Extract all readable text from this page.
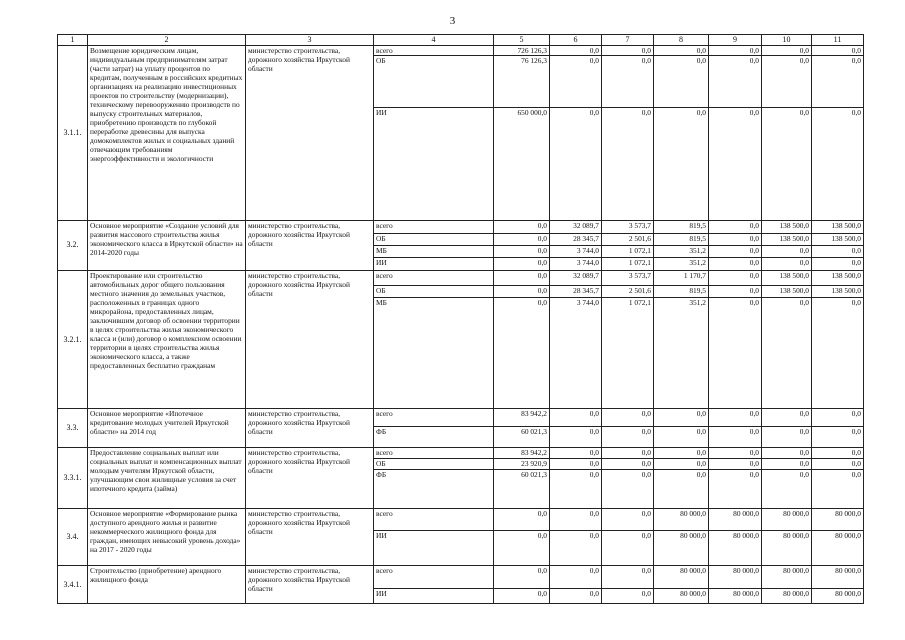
3
1	2	3	4	5	6	7	8	9	10	11
3.1.1.	Возмещение юридическим лицам, индивидуальным предпринимателям затрат (части затрат) на уплату процентов по кредитам, полученным в российских кредитных организациях на реализацию инвестиционных проектов по строительству (модернизации), техническому перевооружению производств по выпуску строительных материалов, приобретению производств по глубокой переработке древесины для выпуска домокомплектов жилых и социальных зданий отвечающим требованиям энергоэффективности и экологичности	министерство строительства, дорожного хозяйства Иркутской области	всего	726 126,3	0,0	0,0	0,0	0,0	0,0	0,0
			ОБ	76 126,3	0,0	0,0	0,0	0,0	0,0	0,0
			ИИ	650 000,0	0,0	0,0	0,0	0,0	0,0	0,0
3.2.	Основное мероприятие «Создание условий для развития массового строительства жилья экономического класса в Иркутской области» на 2014-2020 годы	министерство строительства, дорожного хозяйства Иркутской области	всего	0,0	32 089,7	3 573,7	819,5	0,0	138 500,0	138 500,0
			ОБ	0,0	28 345,7	2 501,6	819,5	0,0	138 500,0	138 500,0
			МБ	0,0	3 744,0	1 072,1	351,2	0,0	0,0	0,0
			ИИ	0,0	3 744,0	1 072,1	351,2	0,0	0,0	0,0
3.2.1.	Проектирование или строительство автомобильных дорог общего пользования местного значения до земельных участков, расположенных в границах одного микрорайона, предоставленных лицам, заключившим договор об освоении территории в целях строительства жилья экономического класса и (или) договор о комплексном освоении территории в целях строительства жилья экономического класса, а также предоставленных бесплатно гражданам	министерство строительства, дорожного хозяйства Иркутской области	всего	0,0	32 089,7	3 573,7	1 170,7	0,0	138 500,0	138 500,0
			ОБ	0,0	28 345,7	2 501,6	819,5	0,0	138 500,0	138 500,0
			МБ	0,0	3 744,0	1 072,1	351,2	0,0	0,0	0,0
3.3.	Основное мероприятие «Ипотечное кредитование молодых учителей Иркутской области» на 2014 год	министерство строительства, дорожного хозяйства Иркутской области	всего	83 942,2	0,0	0,0	0,0	0,0	0,0	0,0
			ФБ	60 021,3	0,0	0,0	0,0	0,0	0,0	0,0
3.3.1.	Предоставление социальных выплат или социальных выплат и компенсационных выплат молодым учителям Иркутской области, улучшающим свои жилищные условия за счет ипотечного кредита (займа)	министерство строительства, дорожного хозяйства Иркутской области	всего	83 942,2	0,0	0,0	0,0	0,0	0,0	0,0
			ОБ	23 920,9	0,0	0,0	0,0	0,0	0,0	0,0
			ФБ	60 021,3	0,0	0,0	0,0	0,0	0,0	0,0
3.4.	Основное мероприятие «Формирование рынка доступного арендного жилья и развитие некоммерческого жилищного фонда для граждан, имеющих невысокий уровень дохода» на 2017 - 2020 годы	министерство строительства, дорожного хозяйства Иркутской области	всего	0,0	0,0	0,0	80 000,0	80 000,0	80 000,0	80 000,0
			ИИ	0,0	0,0	0,0	80 000,0	80 000,0	80 000,0	80 000,0
3.4.1.	Строительство (приобретение) арендного жилищного фонда	министерство строительства, дорожного хозяйства Иркутской области	всего	0,0	0,0	0,0	80 000,0	80 000,0	80 000,0	80 000,0
			ИИ	0,0	0,0	0,0	80 000,0	80 000,0	80 000,0	80 000,0
